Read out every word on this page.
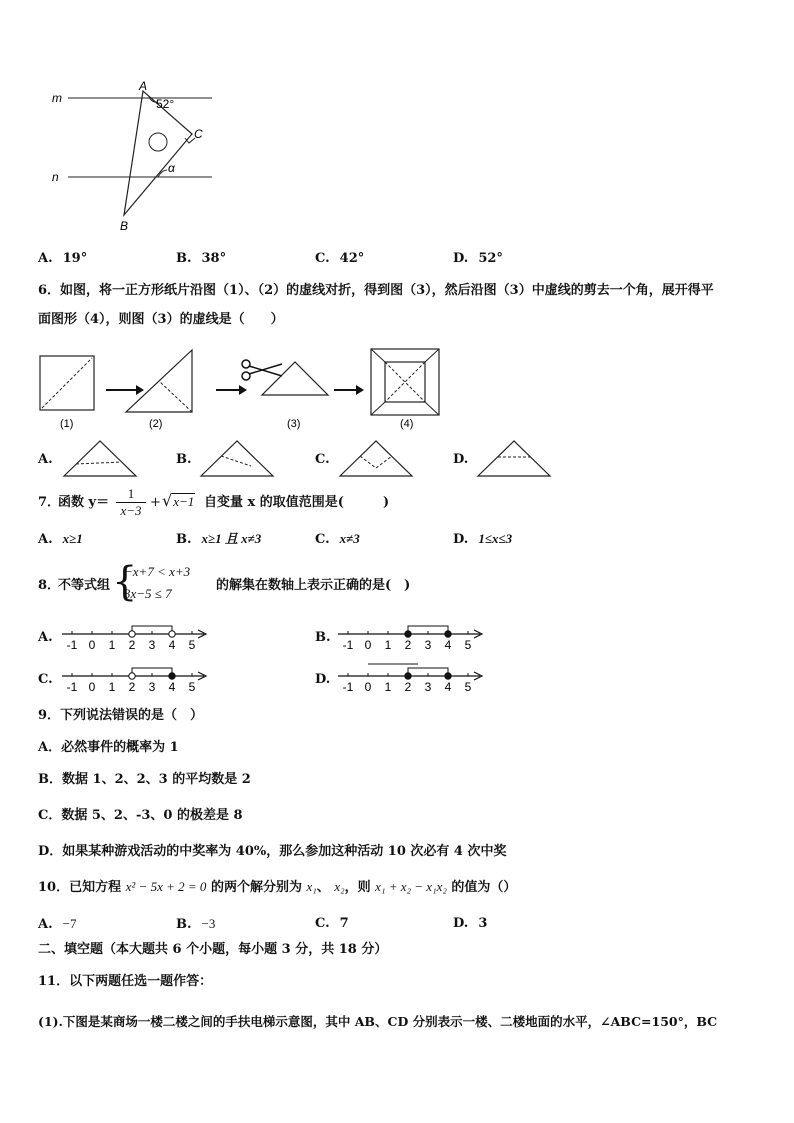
m
n
A
B
C
52°
α
A. 19°	B. 38°	C. 42°	D. 52°
6．如图，将一正方形纸片沿图（1）、（2）的虚线对折，得到图（3），然后沿图（3）中虚线的剪去一个角，展开得平
面图形（4），则图（3）的虚线是（　　）
(1)	(2)	(3)	(4)
A.	B.	C.	D.
7．
函数 y＝
1
x−3
+ √x−1 自变量 x 的取值范围是(　　　)
A. x≥1	B. x≥1 且 x≠3	C. x≠3	D. 1≤x≤3
8．
不等式组 {
−x+7 < x+3
3x−5 ≤ 7
的解集在数轴上表示正确的是(　)
A. -1 0 1 2 3 4 5	B. -1 0 1 2 3 4 5
C. -1 0 1 2 3 4 5	D. -1 0 1 2 3 4 5
9．下列说法错误的是（　）
A．必然事件的概率为 1
B．数据 1、2、2、3 的平均数是 2
C．数据 5、2、-3、0 的极差是 8
D．如果某种游戏活动的中奖率为 40%，那么参加这种活动 10 次必有 4 次中奖
10．已知方程 x² − 5x + 2 = 0 的两个解分别为 x₁、 x₂，则 x₁ + x₂ − x₁x₂ 的值为（）
A. −7	B. −3	C. 7	D. 3
二、填空题（本大题共 6 个小题，每小题 3 分，共 18 分）
11．以下两题任选一题作答：
(1).下图是某商场一楼二楼之间的手扶电梯示意图，其中 AB、CD 分别表示一楼、二楼地面的水平，∠ABC=150°，BC
